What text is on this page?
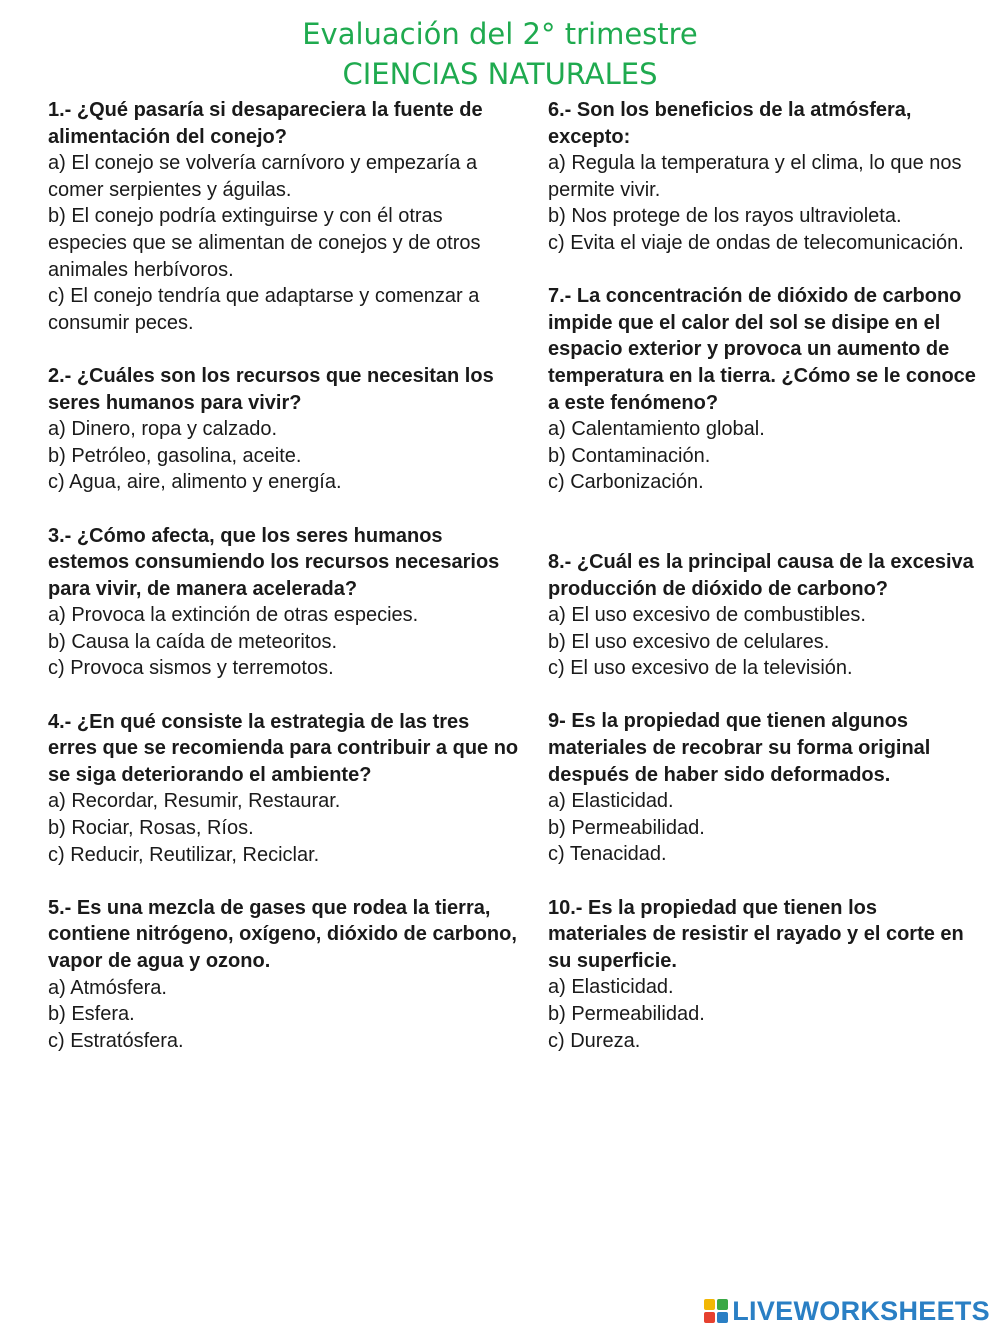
Evaluación del 2° trimestre
CIENCIAS NATURALES

1.- ¿Qué pasaría si desapareciera la fuente de alimentación del conejo?

a) El conejo se volvería carnívoro y empezaría a comer serpientes y águilas.

b) El conejo podría extinguirse y con él otras especies que se alimentan de conejos y de otros animales herbívoros.

c) El conejo tendría que adaptarse y comenzar a consumir peces.

2.- ¿Cuáles son los recursos que necesitan los seres humanos para vivir?

a) Dinero, ropa y calzado.

b) Petróleo, gasolina, aceite.

c) Agua, aire, alimento y energía.

3.- ¿Cómo afecta, que los seres humanos estemos consumiendo los recursos necesarios para vivir, de manera acelerada?

a) Provoca la extinción de otras especies.

b) Causa la caída de meteoritos.

c) Provoca sismos y terremotos.

4.- ¿En qué consiste la estrategia de las tres erres que se recomienda para contribuir a que no se siga deteriorando el ambiente?

a) Recordar, Resumir, Restaurar.

b) Rociar, Rosas, Ríos.

c) Reducir, Reutilizar, Reciclar.

5.- Es una mezcla de gases que rodea la tierra, contiene nitrógeno, oxígeno, dióxido de carbono, vapor de agua y ozono.

a) Atmósfera.

b) Esfera.

c) Estratósfera.

6.- Son los beneficios de la atmósfera, excepto:

a) Regula la temperatura y el clima, lo que nos permite vivir.

b) Nos protege de los rayos ultravioleta.

c) Evita el viaje de ondas de telecomunicación.

7.- La concentración de dióxido de carbono impide que el calor del sol se disipe en el espacio exterior y provoca un aumento de temperatura en la tierra. ¿Cómo se le conoce a este fenómeno?

a) Calentamiento global.

b) Contaminación.

c) Carbonización.

8.- ¿Cuál es la principal causa de la excesiva producción de dióxido de carbono?

a) El uso excesivo de combustibles.

b) El uso excesivo de celulares.

c) El uso excesivo de la televisión.

9- Es la propiedad que tienen algunos materiales de recobrar su forma original después de haber sido deformados.

a) Elasticidad.

b) Permeabilidad.

c) Tenacidad.

10.- Es la propiedad que tienen los materiales de resistir el rayado y el corte en su superficie.

a) Elasticidad.

b) Permeabilidad.

c) Dureza.

LIVEWORKSHEETS
